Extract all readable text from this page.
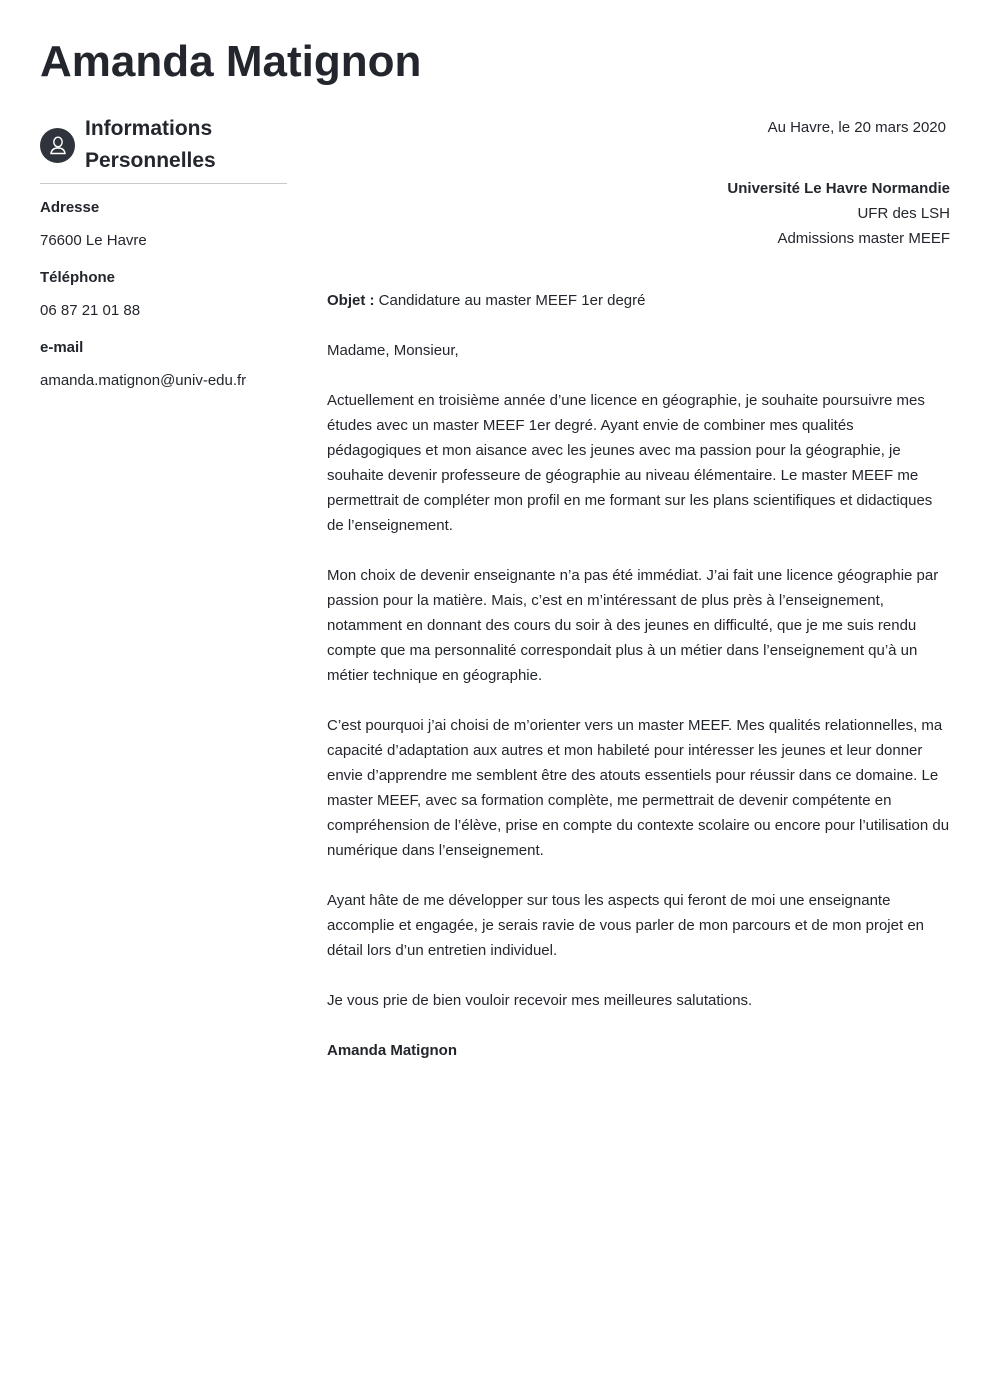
Amanda Matignon
Informations
Personnelles
Adresse
76600 Le Havre
Téléphone
06 87 21 01 88
e-mail
amanda.matignon@univ-edu.fr

Au Havre, le 20 mars 2020

Université Le Havre Normandie
UFR des LSH
Admissions master MEEF
Objet : Candidature au master MEEF 1er degré

Madame, Monsieur,

Actuellement en troisième année d’une licence en géographie, je souhaite poursuivre mes études avec un master MEEF 1er degré. Ayant envie de combiner mes qualités pédagogiques et mon aisance avec les jeunes avec ma passion pour la géographie, je souhaite devenir professeure de géographie au niveau élémentaire. Le master MEEF me permettrait de compléter mon profil en me formant sur les plans scientifiques et didactiques de l’enseignement.

Mon choix de devenir enseignante n’a pas été immédiat. J’ai fait une licence géographie par passion pour la matière. Mais, c’est en m’intéressant de plus près à l’enseignement, notamment en donnant des cours du soir à des jeunes en difficulté, que je me suis rendu compte que ma personnalité correspondait plus à un métier dans l’enseignement qu’à un métier technique en géographie.

C’est pourquoi j’ai choisi de m’orienter vers un master MEEF. Mes qualités relationnelles, ma capacité d’adaptation aux autres et mon habileté pour intéresser les jeunes et leur donner envie d’apprendre me semblent être des atouts essentiels pour réussir dans ce domaine. Le master MEEF, avec sa formation complète, me permettrait de devenir compétente en compréhension de l’élève, prise en compte du contexte scolaire ou encore pour l’utilisation du numérique dans l’enseignement.

Ayant hâte de me développer sur tous les aspects qui feront de moi une enseignante accomplie et engagée, je serais ravie de vous parler de mon parcours et de mon projet en détail lors d’un entretien individuel.

Je vous prie de bien vouloir recevoir mes meilleures salutations.

Amanda Matignon
